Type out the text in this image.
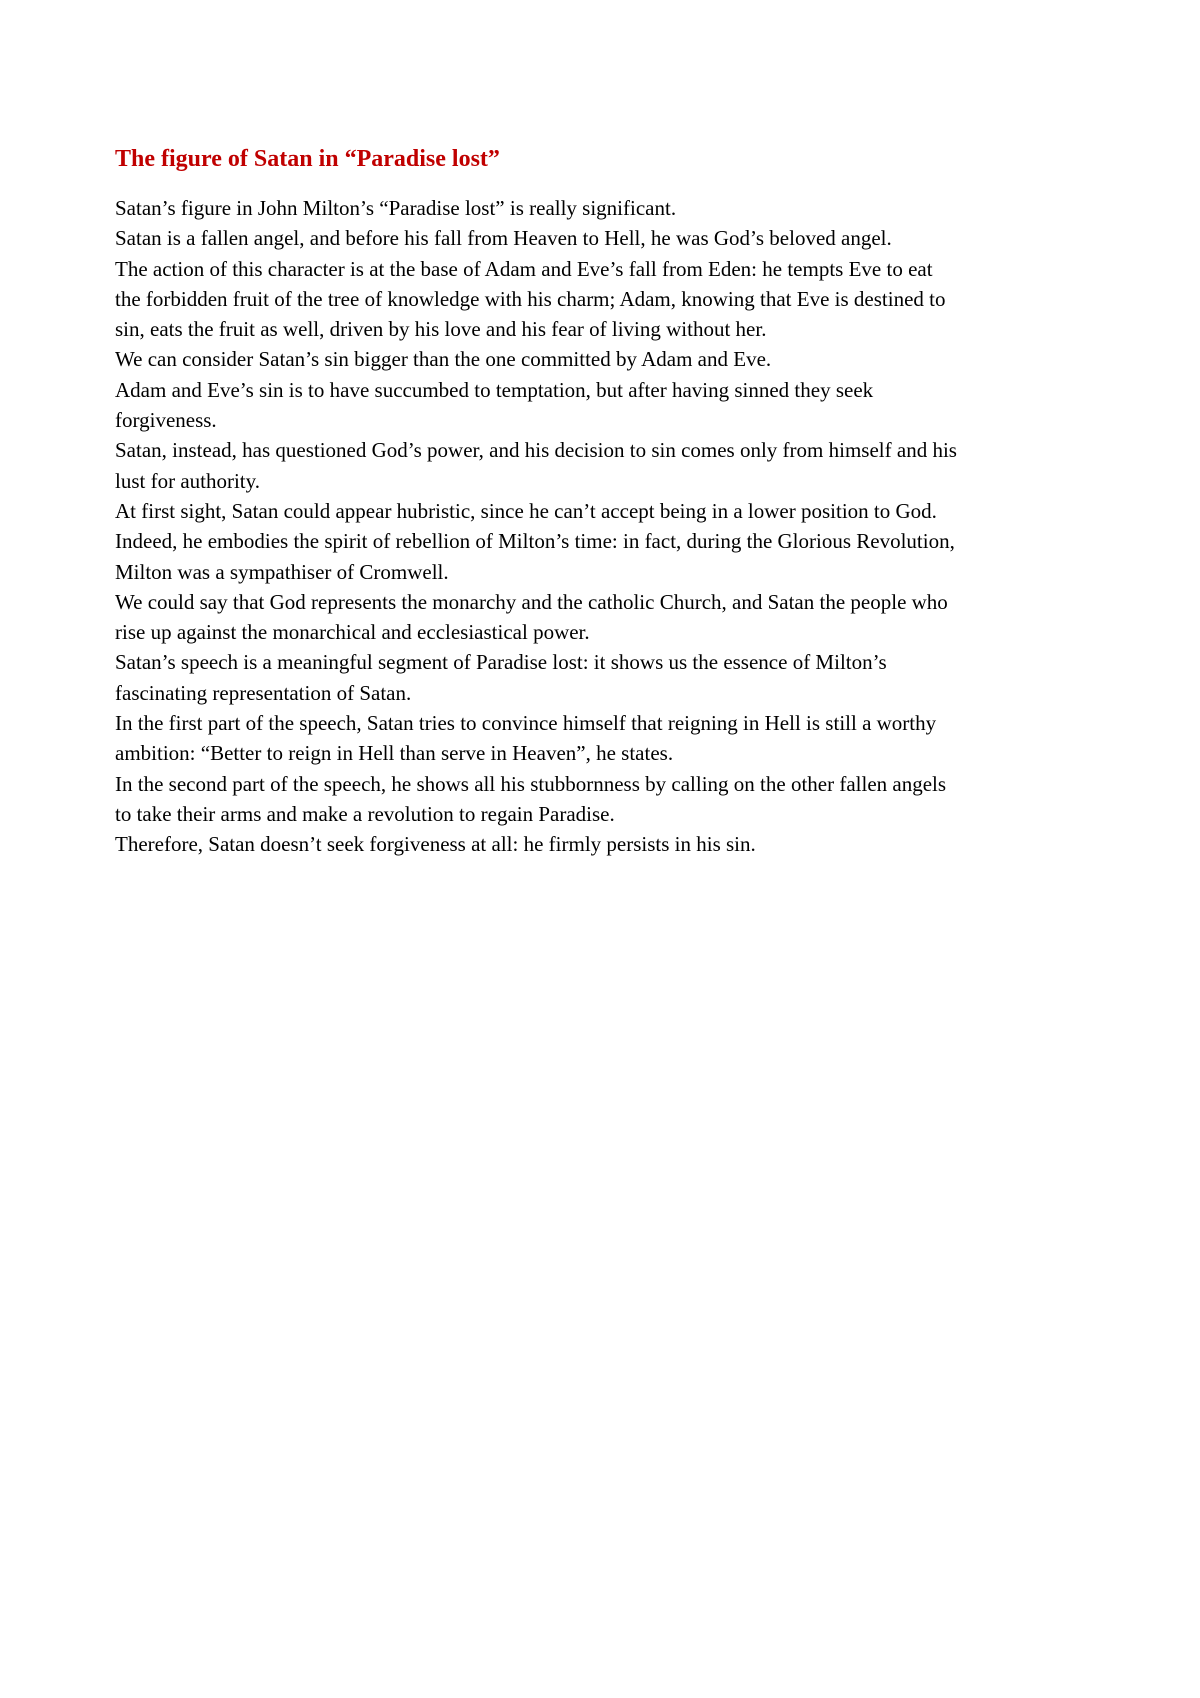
The figure of Satan in “Paradise lost”
Satan’s figure in John Milton’s “Paradise lost” is really significant.
Satan is a fallen angel, and before his fall from Heaven to Hell, he was God’s beloved angel.
The action of this character is at the base of Adam and Eve’s fall from Eden: he tempts Eve to eat
the forbidden fruit of the tree of knowledge with his charm; Adam, knowing that Eve is destined to
sin, eats the fruit as well, driven by his love and his fear of living without her.
We can consider Satan’s sin bigger than the one committed by Adam and Eve.
Adam and Eve’s sin is to have succumbed to temptation, but after having sinned they seek
forgiveness.
Satan, instead, has questioned God’s power, and his decision to sin comes only from himself and his
lust for authority.
At first sight, Satan could appear hubristic, since he can’t accept being in a lower position to God.
Indeed, he embodies the spirit of rebellion of Milton’s time: in fact, during the Glorious Revolution,
Milton was a sympathiser of Cromwell.
We could say that God represents the monarchy and the catholic Church, and Satan the people who
rise up against the monarchical and ecclesiastical power.
Satan’s speech is a meaningful segment of Paradise lost: it shows us the essence of Milton’s
fascinating representation of Satan.
In the first part of the speech, Satan tries to convince himself that reigning in Hell is still a worthy
ambition: “Better to reign in Hell than serve in Heaven”, he states.
In the second part of the speech, he shows all his stubbornness by calling on the other fallen angels
to take their arms and make a revolution to regain Paradise.
Therefore, Satan doesn’t seek forgiveness at all: he firmly persists in his sin.
